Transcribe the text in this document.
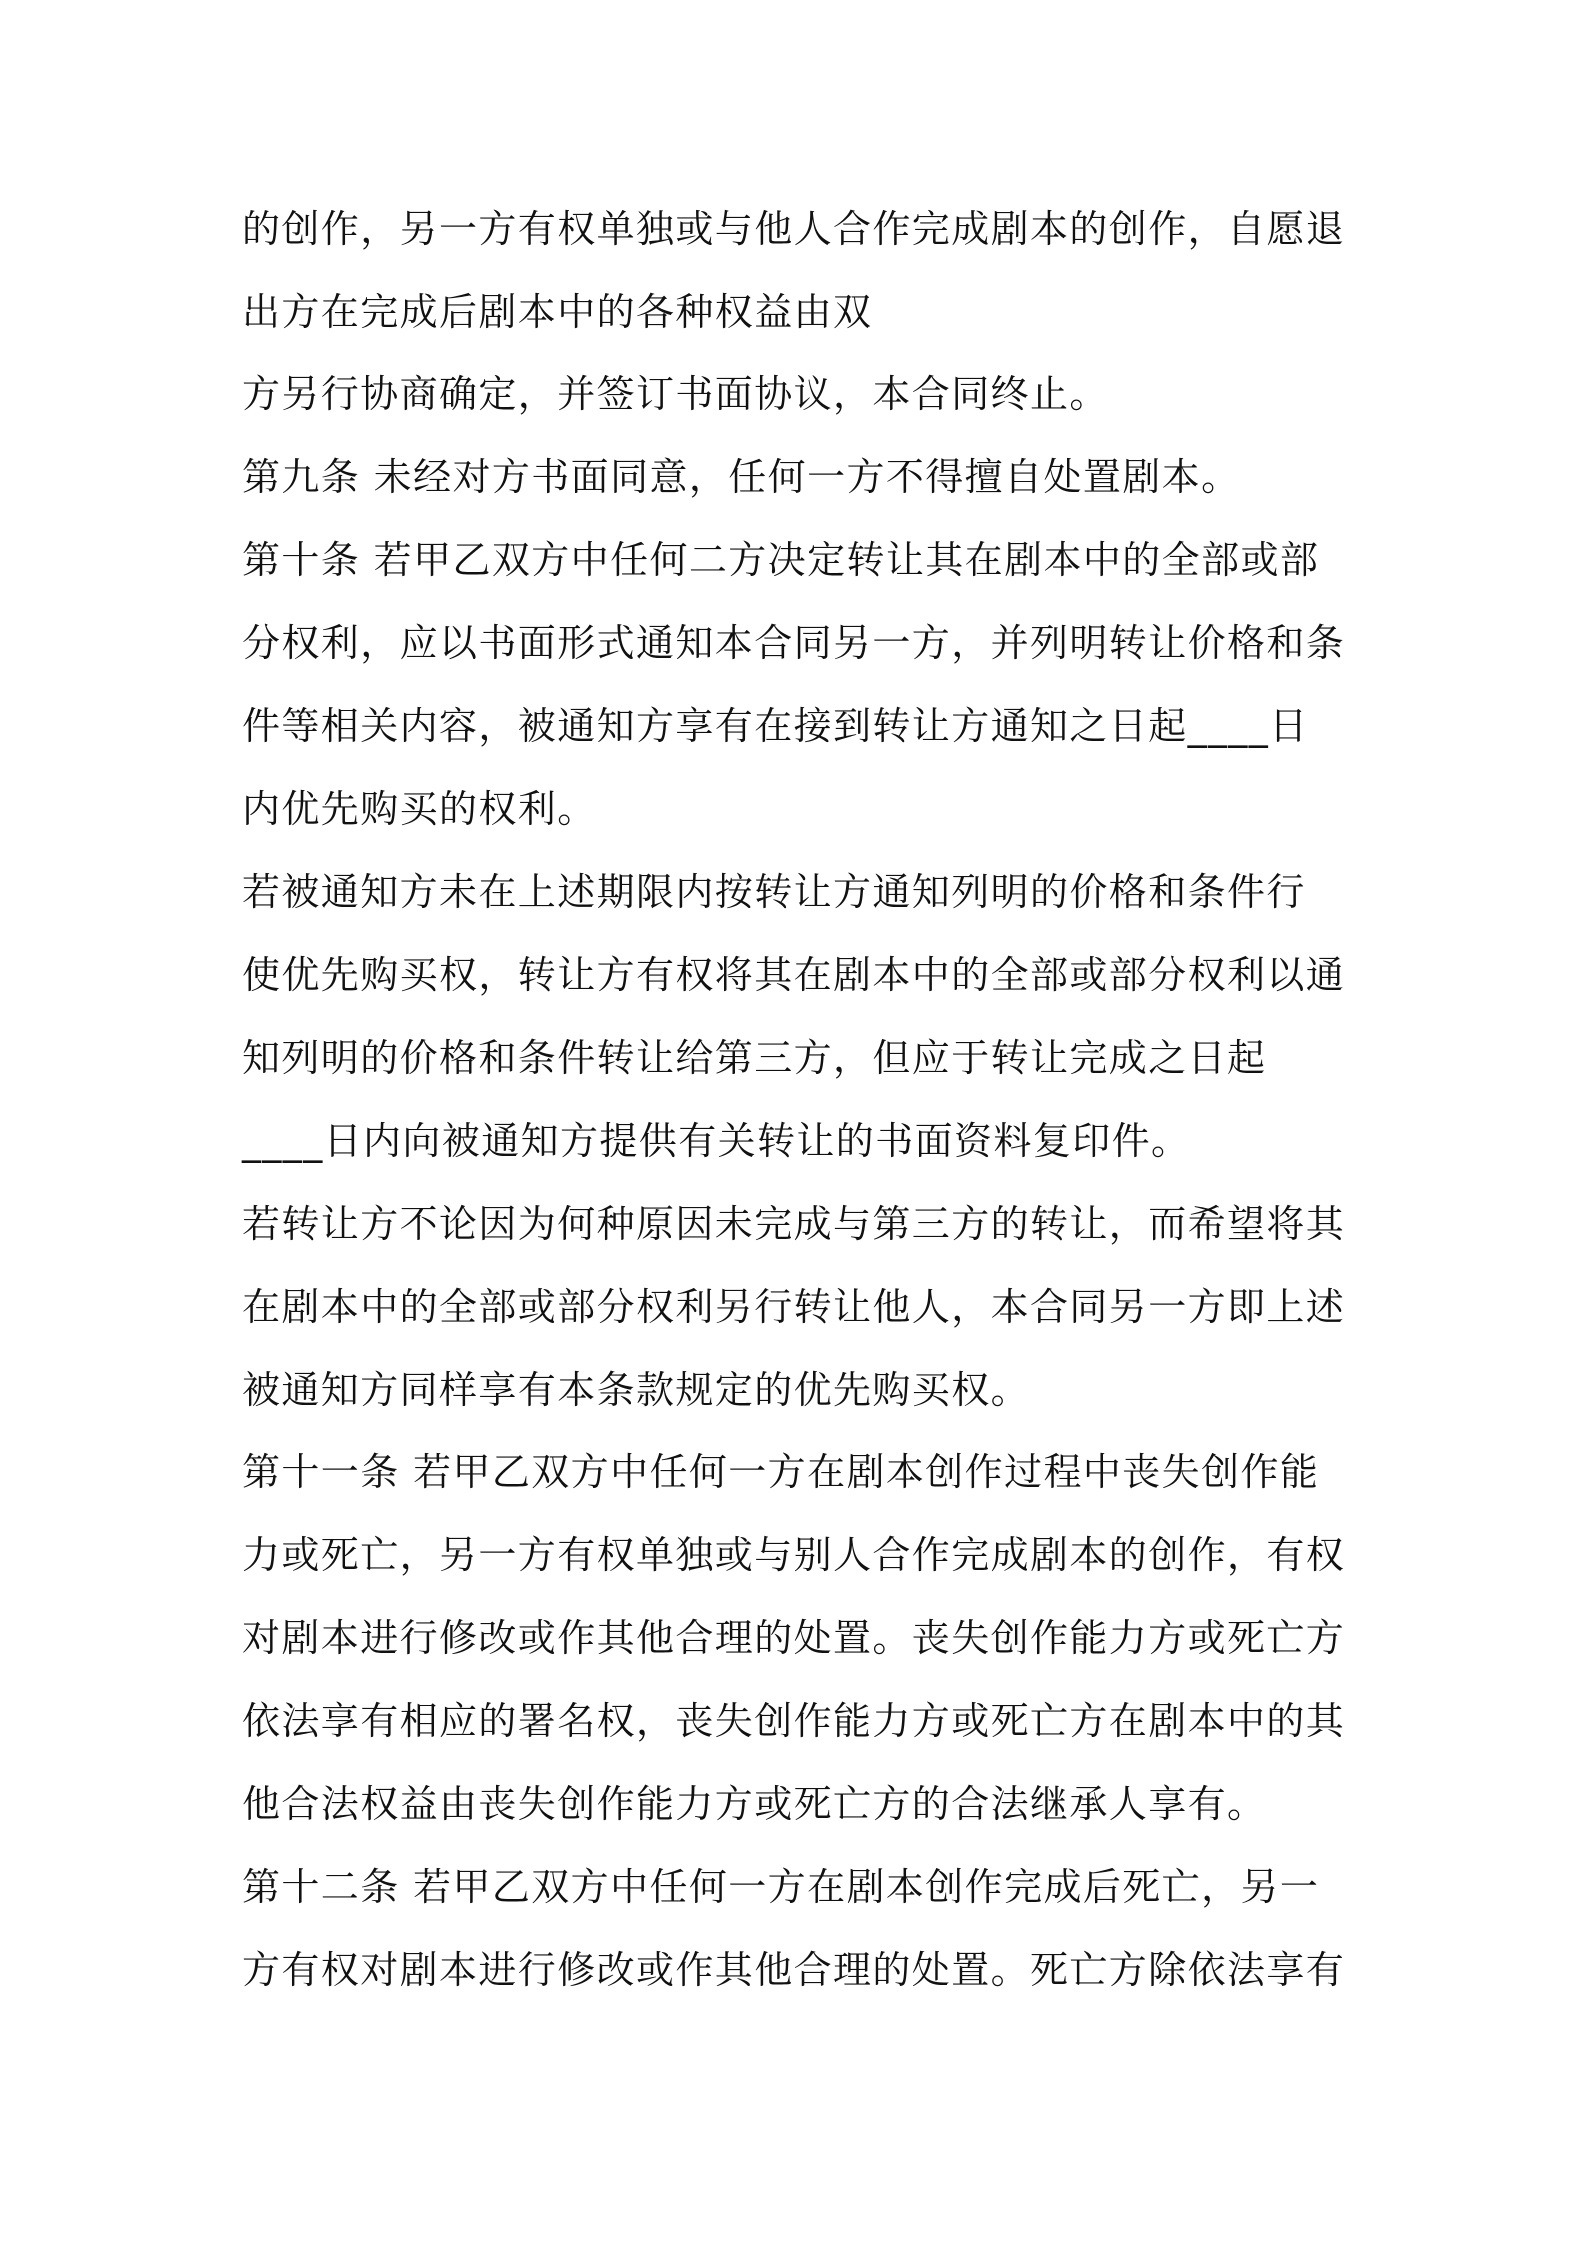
的创作，另一方有权单独或与他人合作完成剧本的创作，自愿退
出方在完成后剧本中的各种权益由双
方另行协商确定，并签订书面协议，本合同终止。
第九条 未经对方书面同意，任何一方不得擅自处置剧本。
第十条 若甲乙双方中任何二方决定转让其在剧本中的全部或部
分权利，应以书面形式通知本合同另一方，并列明转让价格和条
件等相关内容，被通知方享有在接到转让方通知之日起____日
内优先购买的权利。
若被通知方未在上述期限内按转让方通知列明的价格和条件行
使优先购买权，转让方有权将其在剧本中的全部或部分权利以通
知列明的价格和条件转让给第三方，但应于转让完成之日起
____日内向被通知方提供有关转让的书面资料复印件。
若转让方不论因为何种原因未完成与第三方的转让，而希望将其
在剧本中的全部或部分权利另行转让他人，本合同另一方即上述
被通知方同样享有本条款规定的优先购买权。
第十一条 若甲乙双方中任何一方在剧本创作过程中丧失创作能
力或死亡，另一方有权单独或与别人合作完成剧本的创作，有权
对剧本进行修改或作其他合理的处置。丧失创作能力方或死亡方
依法享有相应的署名权，丧失创作能力方或死亡方在剧本中的其
他合法权益由丧失创作能力方或死亡方的合法继承人享有。
第十二条 若甲乙双方中任何一方在剧本创作完成后死亡，另一
方有权对剧本进行修改或作其他合理的处置。死亡方除依法享有
